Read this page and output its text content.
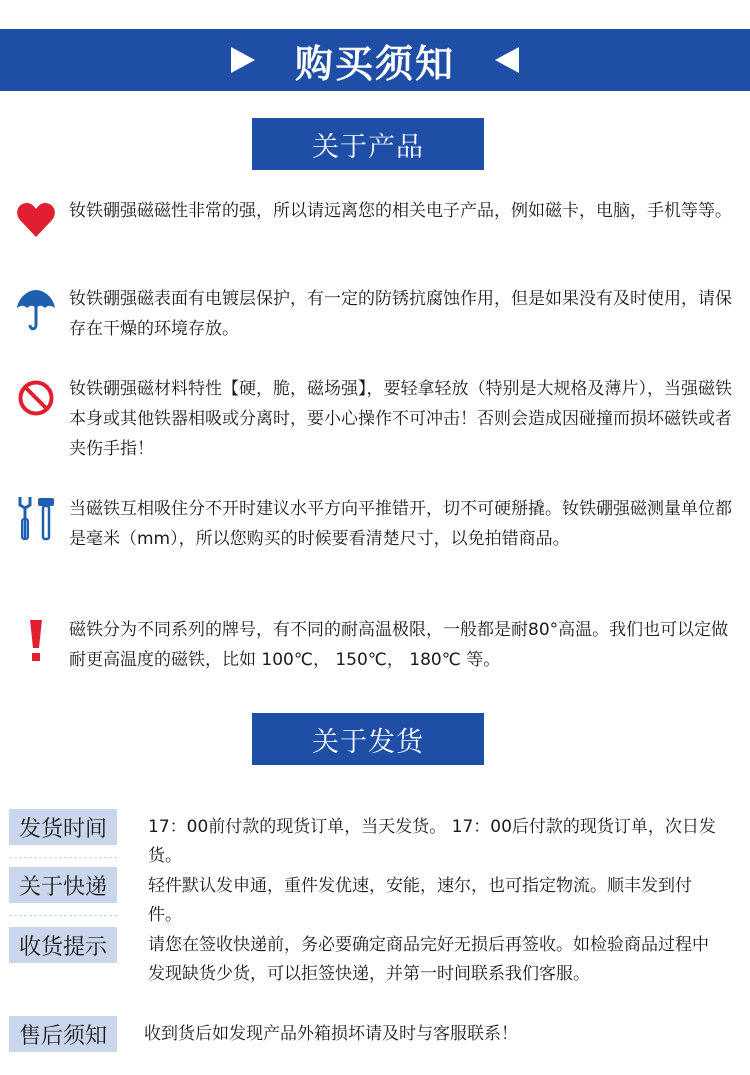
购买须知
关于产品

钕铁硼强磁磁性非常的强，所以请远离您的相关电子产品，例如磁卡，电脑，手机等等。

钕铁硼强磁表面有电镀层保护，有一定的防锈抗腐蚀作用，但是如果没有及时使用，请保存在干燥的环境存放。

钕铁硼强磁材料特性【硬，脆，磁场强】，要轻拿轻放（特别是大规格及薄片），当强磁铁本身或其他铁器相吸或分离时，要小心操作不可冲击！否则会造成因碰撞而损坏磁铁或者夹伤手指！

当磁铁互相吸住分不开时建议水平方向平推错开，切不可硬掰撬。钕铁硼强磁测量单位都是毫米（mm），所以您购买的时候要看清楚尺寸，以免拍错商品。

磁铁分为不同系列的牌号，有不同的耐高温极限，一般都是耐80°高温。我们也可以定做耐更高温度的磁铁，比如 100℃， 150℃， 180℃ 等。

关于发货
发货时间	17：00前付款的现货订单，当天发货。 17：00后付款的现货订单，次日发货。

关于快递	轻件默认发申通，重件发优速，安能，速尔，也可指定物流。顺丰发到付件。

收货提示	请您在签收快递前，务必要确定商品完好无损后再签收。如检验商品过程中发现缺货少货，可以拒签快递，并第一时间联系我们客服。

售后须知	收到货后如发现产品外箱损坏请及时与客服联系！
